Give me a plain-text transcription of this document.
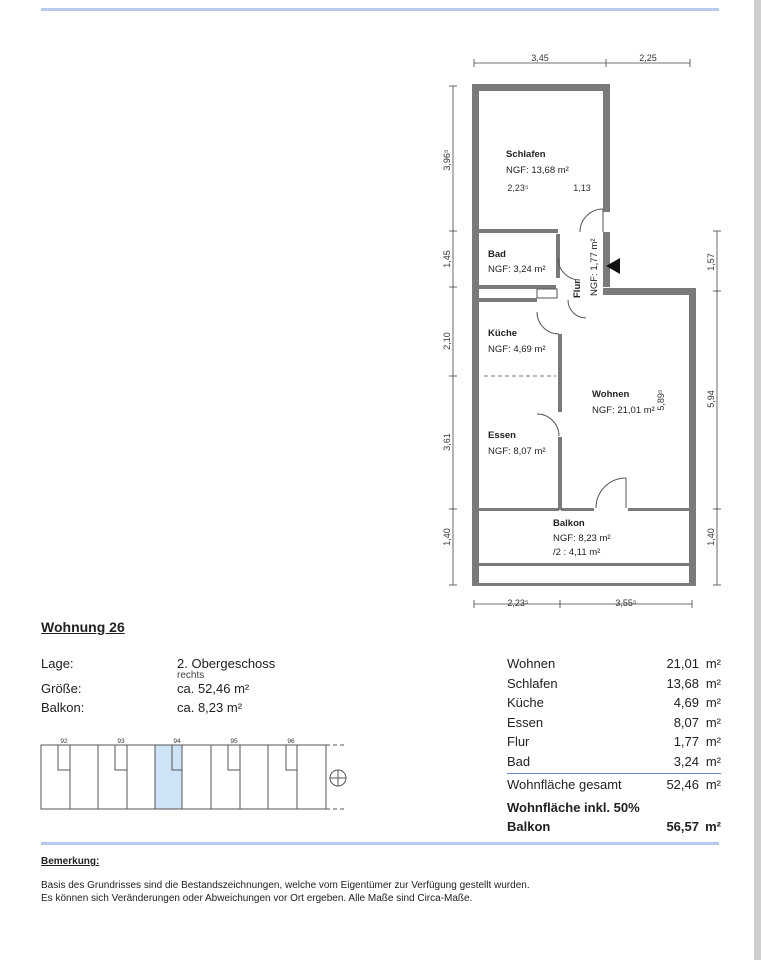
3,45	2,25
3,96⁵
1,45
2,10
3,61
1,40
1,57
5,94
1,40
2,23⁵	3,55⁵
2,23⁵	1,13
5,89⁵
Schlafen
NGF: 13,68 m²
Bad
NGF: 3,24 m²
Flur NGF: 1,77 m²
Küche
NGF: 4,69 m²
Essen
NGF: 8,07 m²
Wohnen
NGF: 21,01 m²
Balkon
NGF: 8,23 m²
/2 : 4,11 m²
92	93	94	95	96
Wohnung 26
Lage:	2. Obergeschoss
rechts
Größe:	ca. 52,46 m²
Balkon:	ca. 8,23 m²
Wohnen	21,01 m²
Schlafen	13,68 m²
Küche	4,69 m²
Essen	8,07 m²
Flur	1,77 m²
Bad	3,24 m²
Wohnfläche gesamt	52,46 m²
Wohnfläche inkl. 50%
Balkon	56,57 m²
Bemerkung:
Basis des Grundrisses sind die Bestandszeichnungen, welche vom Eigentümer zur Verfügung gestellt wurden.
Es können sich Veränderungen oder Abweichungen vor Ort ergeben. Alle Maße sind Circa-Maße.
